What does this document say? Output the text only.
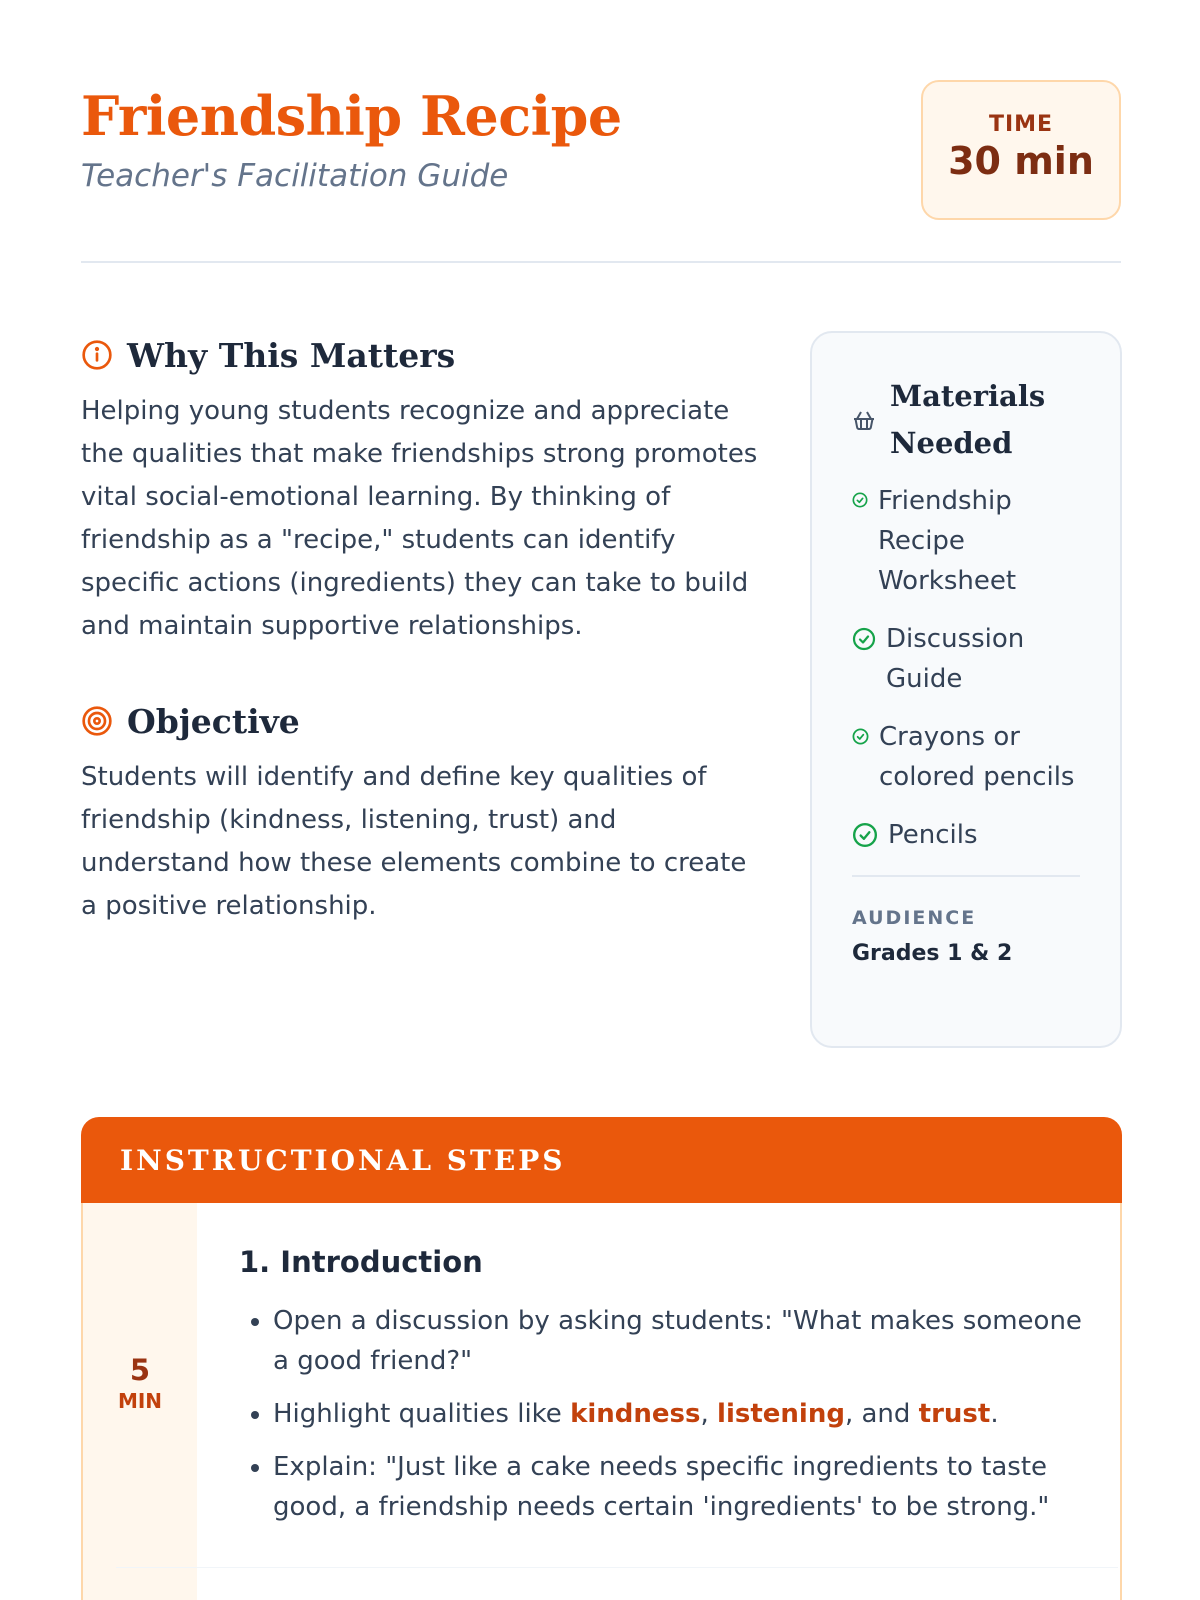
Friendship Recipe
Teacher's Facilitation Guide
TIME
30 min
Why This Matters

Helping young students recognize and appreciate the qualities that make friendships strong promotes vital social-emotional learning. By thinking of friendship as a "recipe," students can identify specific actions (ingredients) they can take to build and maintain supportive relationships.

Objective

Students will identify and define key qualities of friendship (kindness, listening, trust) and understand how these elements combine to create a positive relationship.

Materials Needed
Friendship Recipe Worksheet
Discussion Guide
Crayons or colored pencils
Pencils
AUDIENCE
Grades 1 & 2
INSTRUCTIONAL STEPS
5
MIN
1. Introduction
• Open a discussion by asking students: "What makes someone a good friend?"
• Highlight qualities like kindness, listening, and trust.
• Explain: "Just like a cake needs specific ingredients to taste good, a friendship needs certain 'ingredients' to be strong."
